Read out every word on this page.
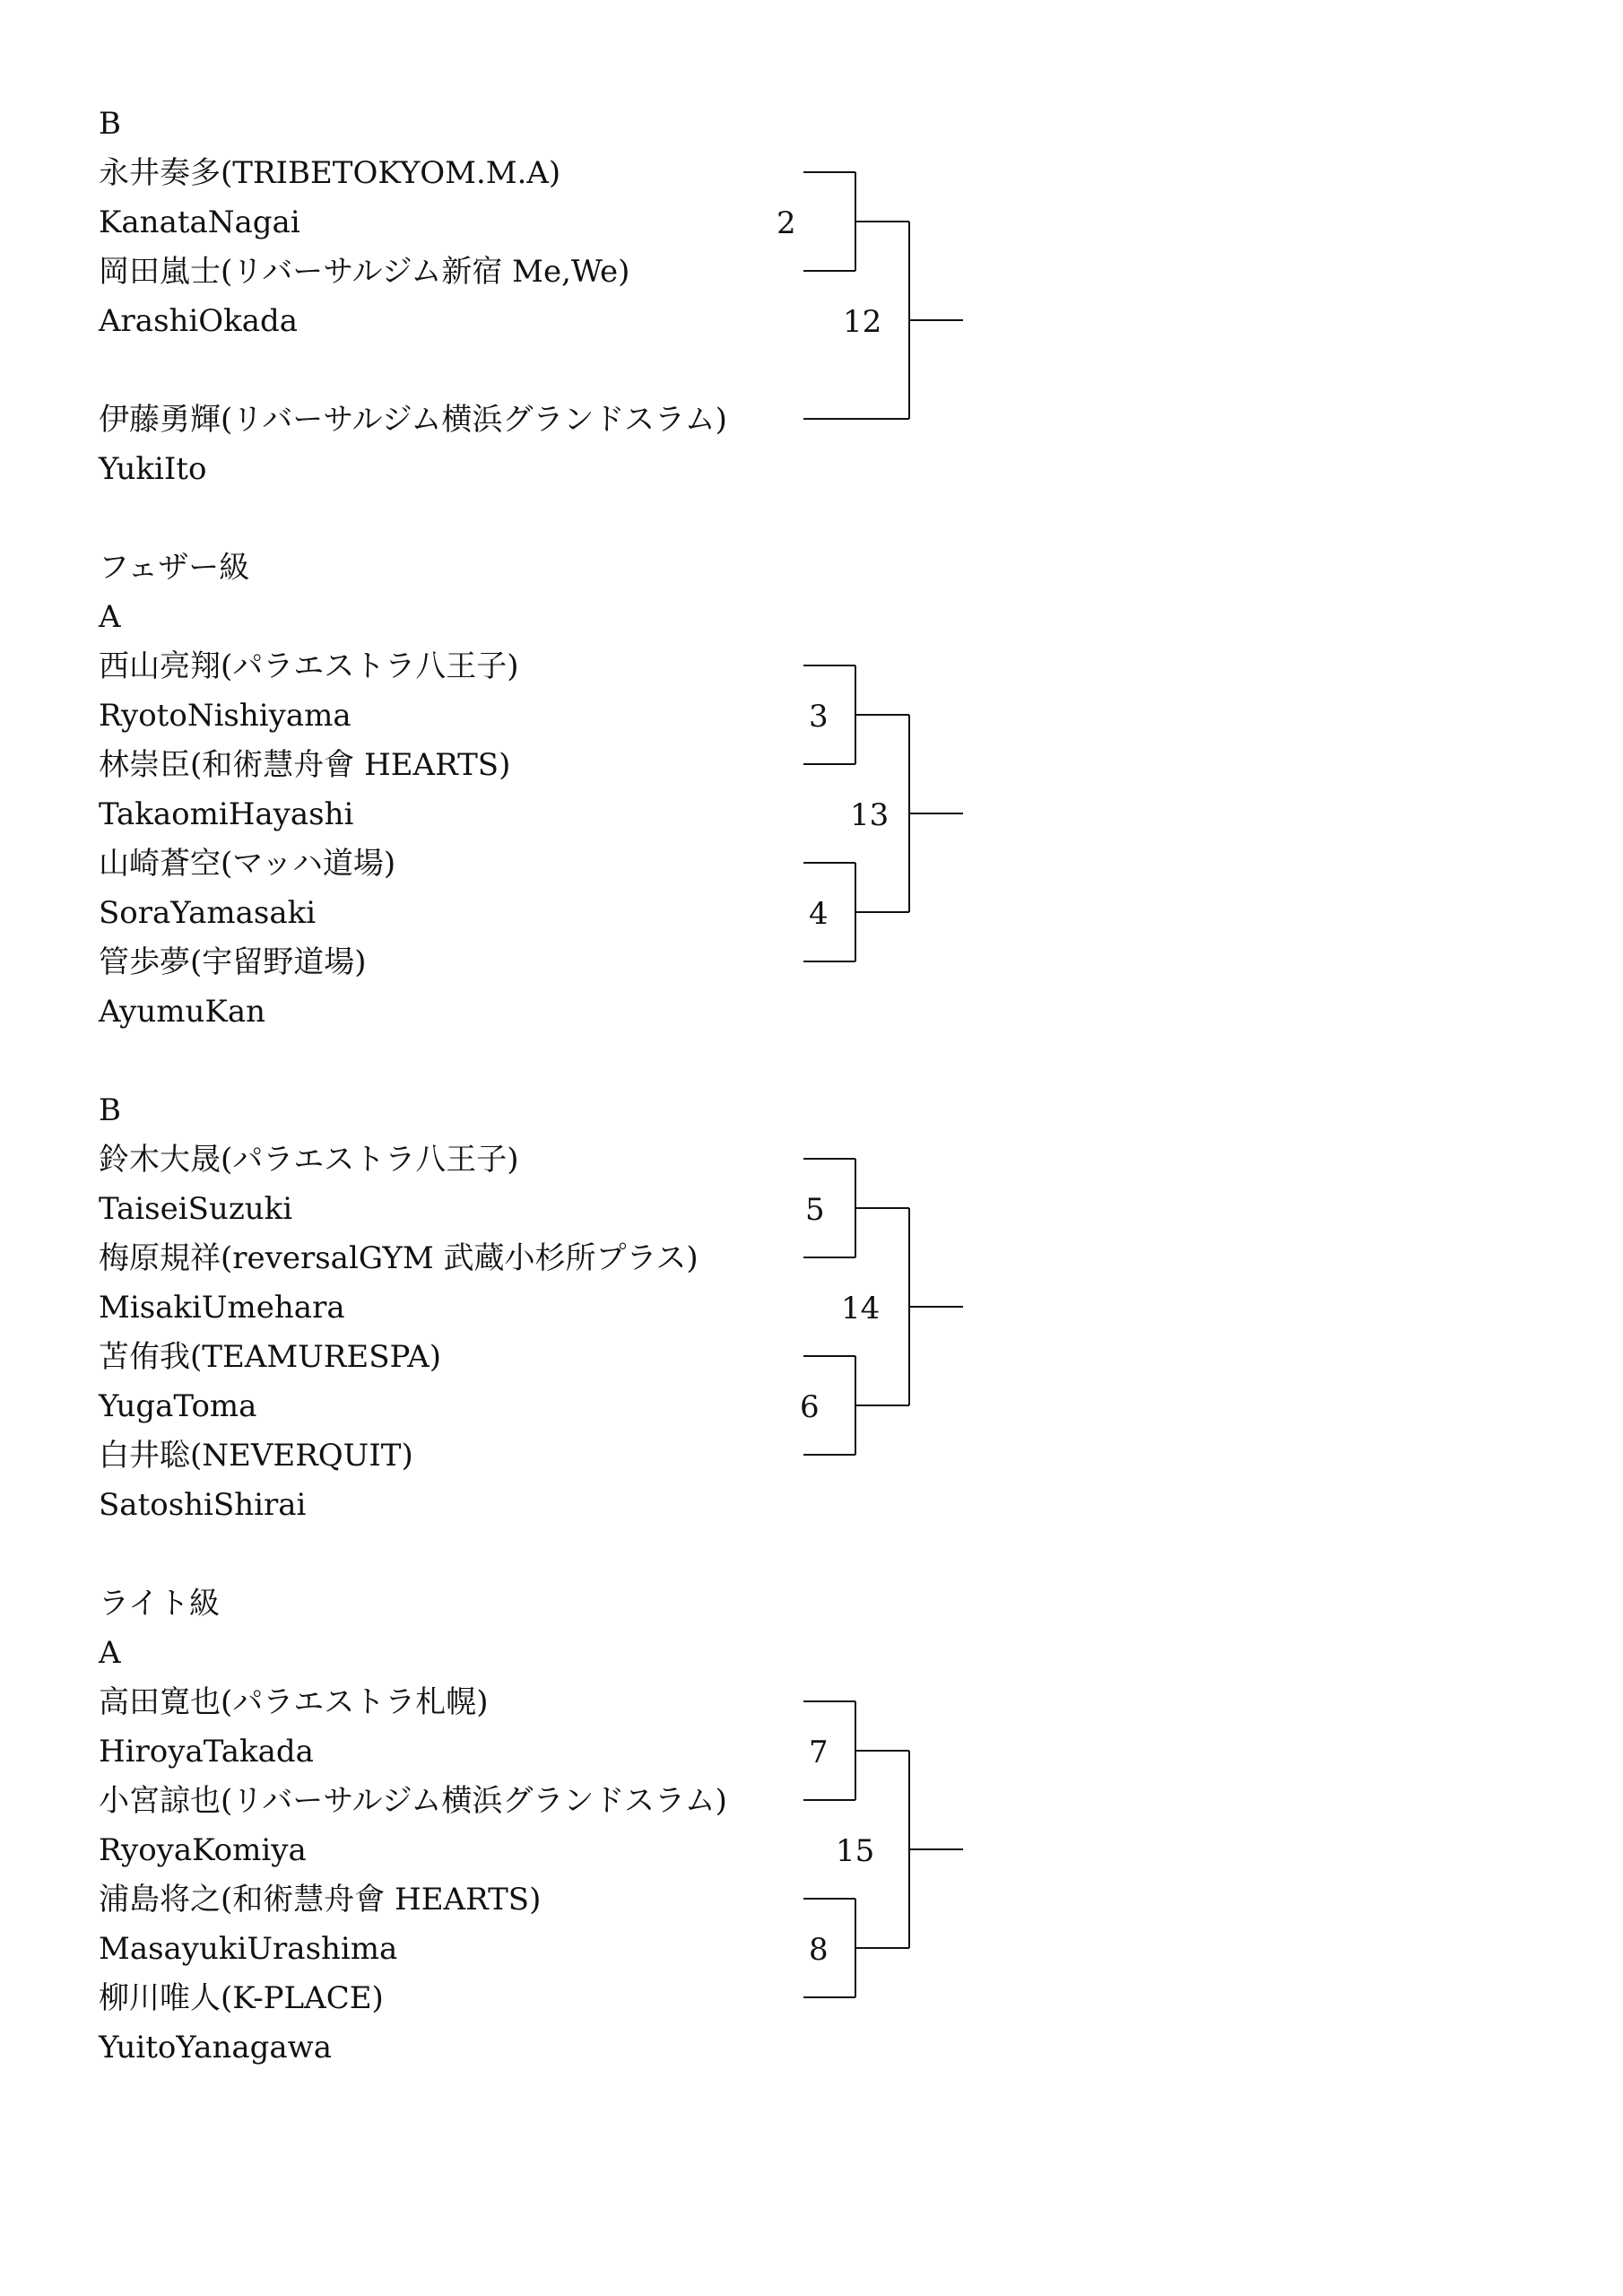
B
永井奏多(TRIBETOKYOM.M.A)
KanataNagai
岡田嵐士(リバーサルジム新宿 Me,We)
ArashiOkada
伊藤勇輝(リバーサルジム横浜グランドスラム)
YukiIto
2
12
フェザー級
A
西山亮翔(パラエストラ八王子)
RyotoNishiyama
林崇臣(和術慧舟會 HEARTS)
TakaomiHayashi
山崎蒼空(マッハ道場)
SoraYamasaki
管歩夢(宇留野道場)
AyumuKan
3
4
13
B
鈴木大晟(パラエストラ八王子)
TaiseiSuzuki
梅原規祥(reversalGYM 武蔵小杉所プラス)
MisakiUmehara
苫侑我(TEAMURESPA)
YugaToma
白井聡(NEVERQUIT)
SatoshiShirai
5
6
14
ライト級
A
高田寛也(パラエストラ札幌)
HiroyaTakada
小宮諒也(リバーサルジム横浜グランドスラム)
RyoyaKomiya
浦島将之(和術慧舟會 HEARTS)
MasayukiUrashima
柳川唯人(K-PLACE)
YuitoYanagawa
7
8
15
